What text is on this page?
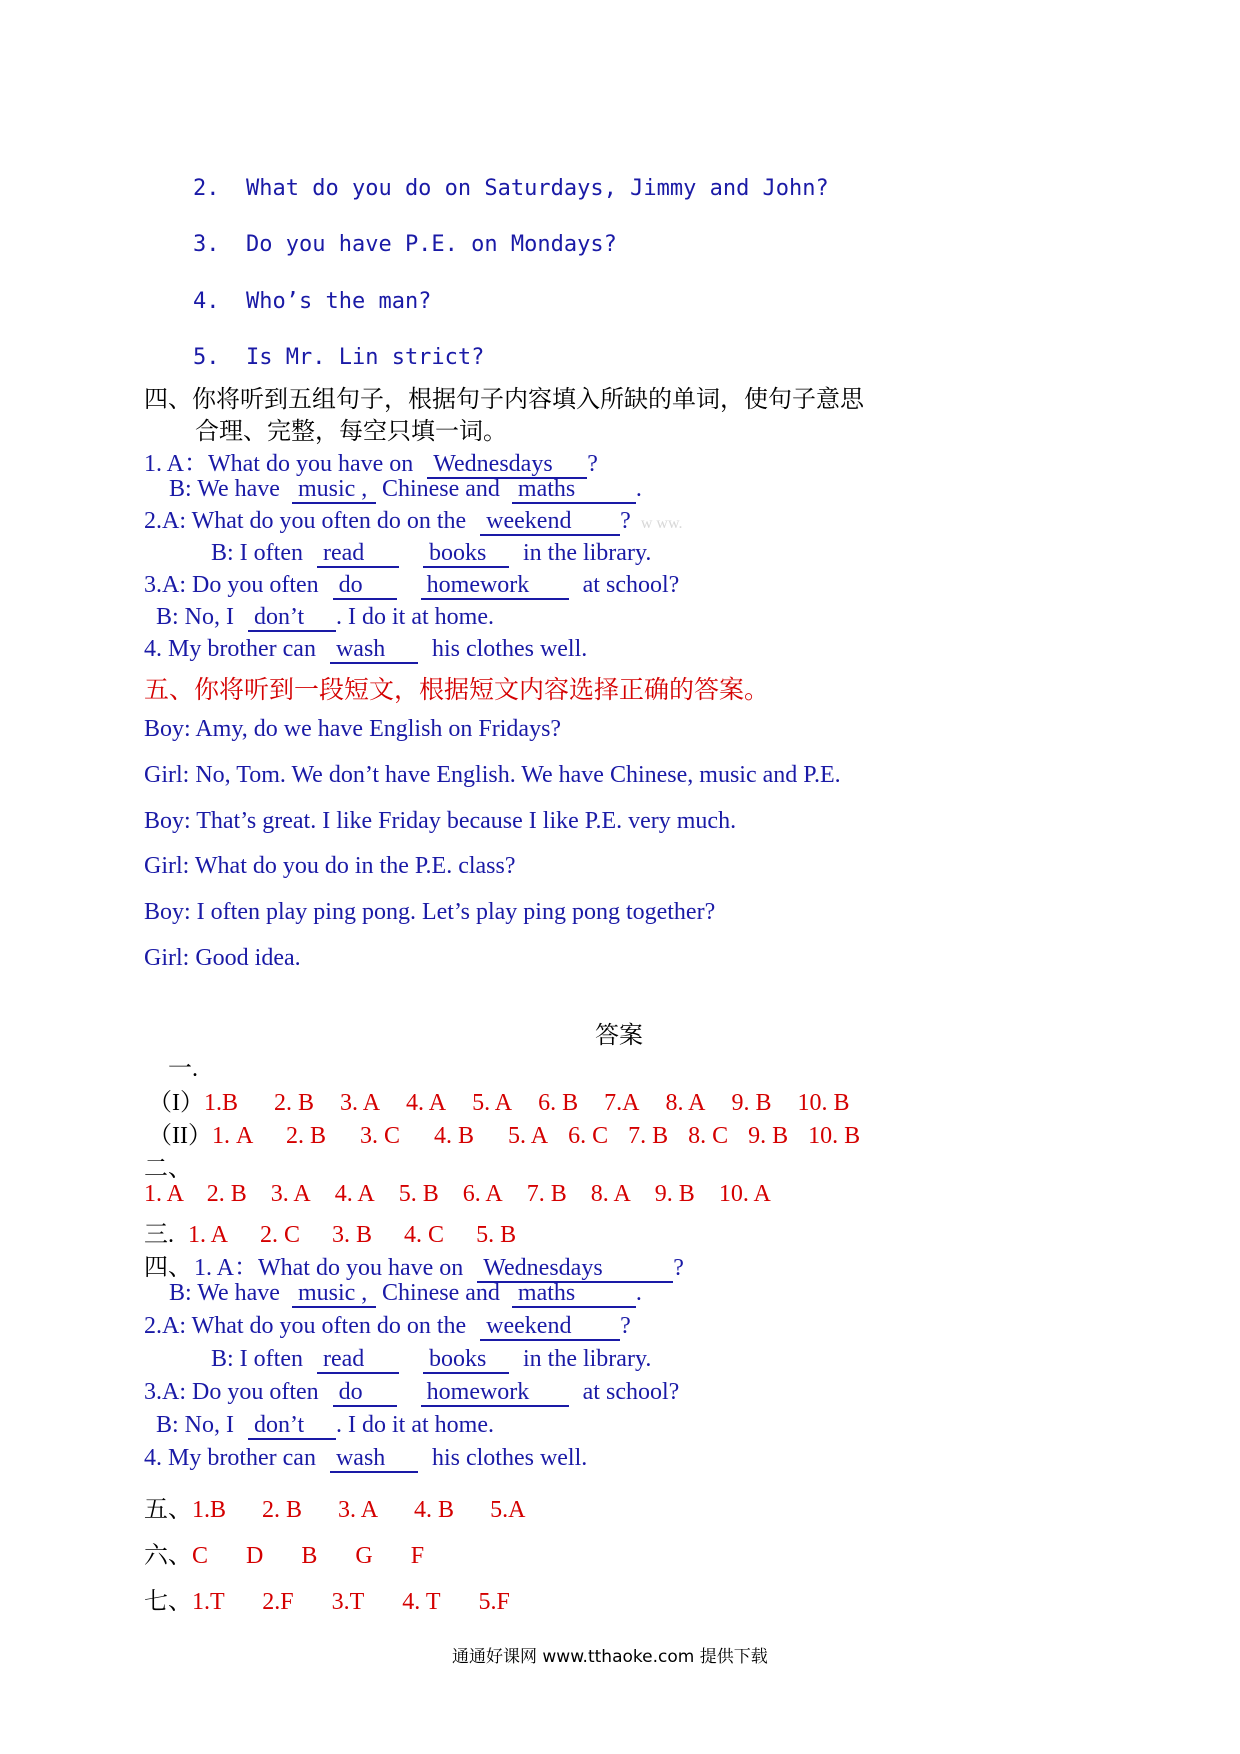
2. What do you do on Saturdays, Jimmy and John?
3. Do you have P.E. on Mondays?
4. Who’s the man?
5. Is Mr. Lin strict?
四、你将听到五组句子，根据句子内容填入所缺的单词，使句子意思
合理、完整，每空只填一词。
1. A：What do you have on Wednesdays ?
B: We have music , Chinese and maths	.
2.A: What do you often do on the weekend ? w ww.
B: I often read	books in the library.
3.A: Do you often do	homework at school?
B: No, I don’t . I do it at home.
4. My brother can wash his clothes well.
五、你将听到一段短文，根据短文内容选择正确的答案。
Boy: Amy, do we have English on Fridays?
Girl: No, Tom. We don’t have English. We have Chinese, music and P.E.
Boy: That’s great. I like Friday because I like P.E. very much.
Girl: What do you do in the P.E. class?
Boy: I often play ping pong. Let’s play ping pong together?
Girl: Good idea.
答案
一.
（I）1.B 2. B 3. A 4. A 5. A 6. B 7.A 8. A 9. B 10. B
（II）1. A 2. B 3. C 4. B 5. A 6. C 7. B 8. C 9. B 10. B
二、
1. A 2. B 3. A 4. A 5. B 6. A 7. B 8. A 9. B 10. A
三. 1. A 2. C 3. B 4. C 5. B
四、 1. A：What do you have on Wednesdays	?
B: We have music , Chinese and maths	.
2.A: What do you often do on the weekend ?
B: I often read	books in the library.
3.A: Do you often do	homework at school?
B: No, I don’t . I do it at home.
4. My brother can wash his clothes well.
五、1.B 2. B 3. A 4. B 5.A
六、C D B G F
七、1.T 2.F 3.T 4. T 5.F
通通好课网 www.tthaoke.com 提供下载
